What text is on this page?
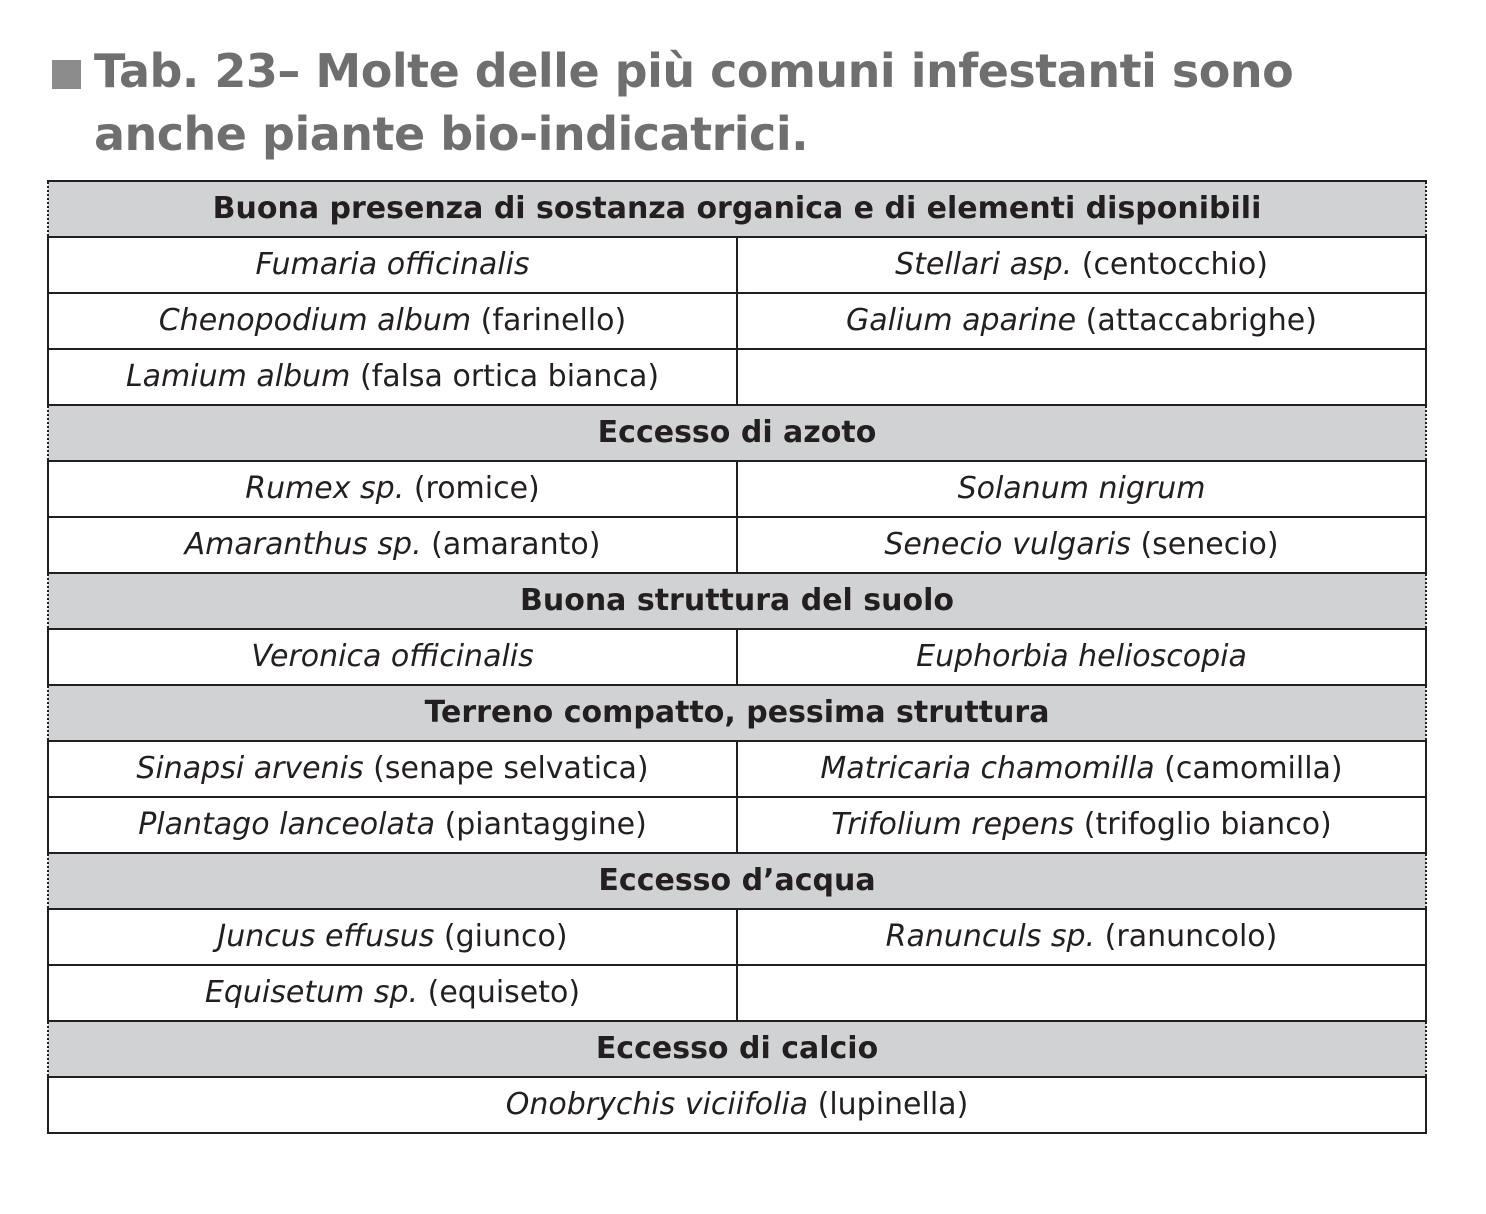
Tab. 23– Molte delle più comuni infestanti sono anche piante bio-indicatrici.
Buona presenza di sostanza organica e di elementi disponibili	
Fumaria officinalis	Stellari asp. (centocchio)
Chenopodium album (farinello)	Galium aparine (attaccabrighe)
Lamium album (falsa ortica bianca)	
Eccesso di azoto	
Rumex sp. (romice)	Solanum nigrum
Amaranthus sp. (amaranto)	Senecio vulgaris (senecio)
Buona struttura del suolo	
Veronica officinalis	Euphorbia helioscopia
Terreno compatto, pessima struttura	
Sinapsi arvenis (senape selvatica)	Matricaria chamomilla (camomilla)
Plantago lanceolata (piantaggine)	Trifolium repens (trifoglio bianco)
Eccesso d’acqua	
Juncus effusus (giunco)	Ranunculs sp. (ranuncolo)
Equisetum sp. (equiseto)	
Eccesso di calcio	
Onobrychis viciifolia (lupinella)	
